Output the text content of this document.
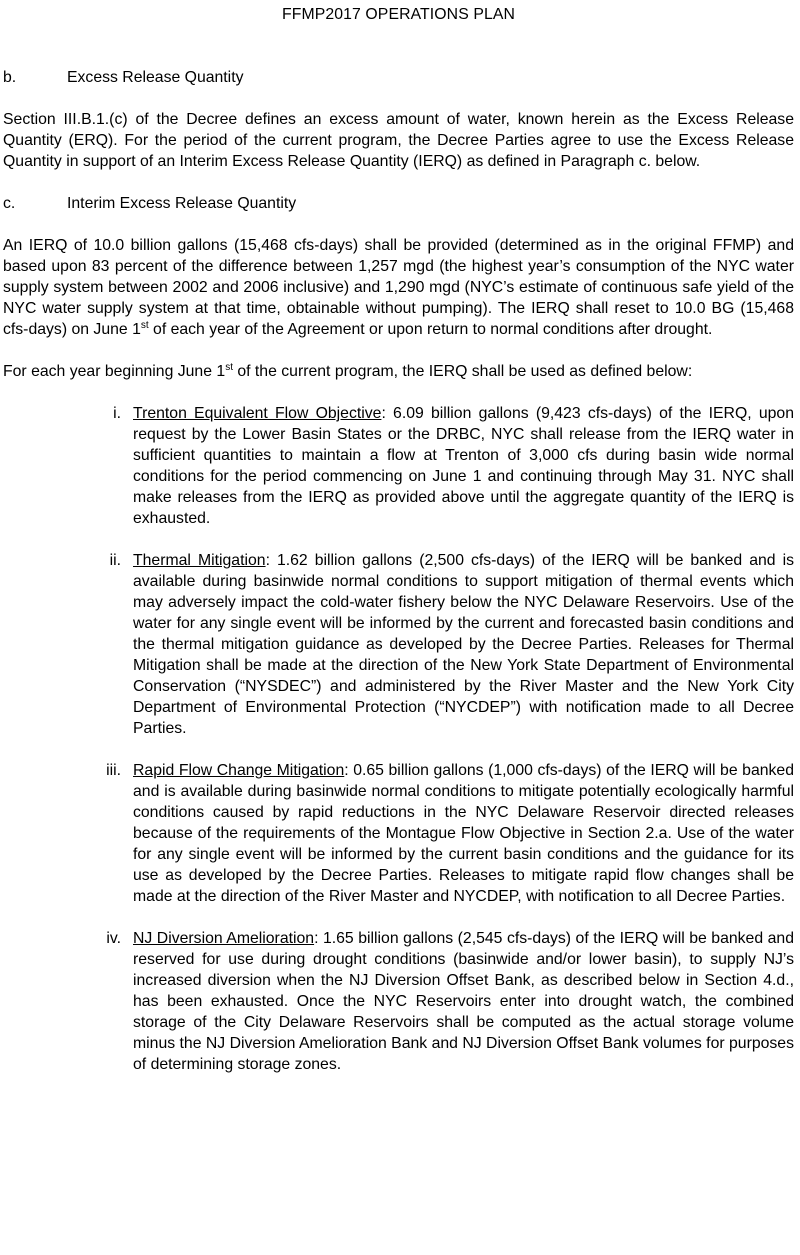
FFMP2017 OPERATIONS PLAN
b.	Excess Release Quantity
Section III.B.1.(c) of the Decree defines an excess amount of water, known herein as the Excess Release Quantity (ERQ). For the period of the current program, the Decree Parties agree to use the Excess Release Quantity in support of an Interim Excess Release Quantity (IERQ) as defined in Paragraph c. below.
c.	Interim Excess Release Quantity
An IERQ of 10.0 billion gallons (15,468 cfs-days) shall be provided (determined as in the original FFMP) and based upon 83 percent of the difference between 1,257 mgd (the highest year’s consumption of the NYC water supply system between 2002 and 2006 inclusive) and 1,290 mgd (NYC’s estimate of continuous safe yield of the NYC water supply system at that time, obtainable without pumping). The IERQ shall reset to 10.0 BG (15,468 cfs-days) on June 1st of each year of the Agreement or upon return to normal conditions after drought.
For each year beginning June 1st of the current program, the IERQ shall be used as defined below:
i. Trenton Equivalent Flow Objective: 6.09 billion gallons (9,423 cfs-days) of the IERQ, upon request by the Lower Basin States or the DRBC, NYC shall release from the IERQ water in sufficient quantities to maintain a flow at Trenton of 3,000 cfs during basin wide normal conditions for the period commencing on June 1 and continuing through May 31. NYC shall make releases from the IERQ as provided above until the aggregate quantity of the IERQ is exhausted.
ii. Thermal Mitigation: 1.62 billion gallons (2,500 cfs-days) of the IERQ will be banked and is available during basinwide normal conditions to support mitigation of thermal events which may adversely impact the cold-water fishery below the NYC Delaware Reservoirs. Use of the water for any single event will be informed by the current and forecasted basin conditions and the thermal mitigation guidance as developed by the Decree Parties. Releases for Thermal Mitigation shall be made at the direction of the New York State Department of Environmental Conservation (“NYSDEC”) and administered by the River Master and the New York City Department of Environmental Protection (“NYCDEP”) with notification made to all Decree Parties.
iii. Rapid Flow Change Mitigation: 0.65 billion gallons (1,000 cfs-days) of the IERQ will be banked and is available during basinwide normal conditions to mitigate potentially ecologically harmful conditions caused by rapid reductions in the NYC Delaware Reservoir directed releases because of the requirements of the Montague Flow Objective in Section 2.a. Use of the water for any single event will be informed by the current basin conditions and the guidance for its use as developed by the Decree Parties. Releases to mitigate rapid flow changes shall be made at the direction of the River Master and NYCDEP, with notification to all Decree Parties.
iv. NJ Diversion Amelioration: 1.65 billion gallons (2,545 cfs-days) of the IERQ will be banked and reserved for use during drought conditions (basinwide and/or lower basin), to supply NJ’s increased diversion when the NJ Diversion Offset Bank, as described below in Section 4.d., has been exhausted. Once the NYC Reservoirs enter into drought watch, the combined storage of the City Delaware Reservoirs shall be computed as the actual storage volume minus the NJ Diversion Amelioration Bank and NJ Diversion Offset Bank volumes for purposes of determining storage zones.
